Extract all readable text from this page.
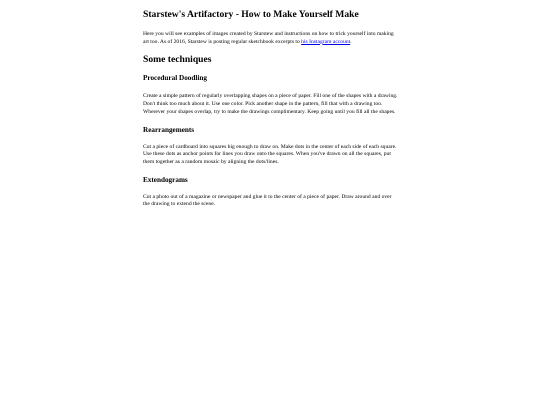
Starstew's Artifactory - How to Make Yourself Make

Here you will see examples of images created by Starstew and instructions on how to trick yourself into making art too. As of 2016, Starstew is posting regular sketchbook excerpts to his Instagram account.

Some techniques
Procedural Doodling

Create a simple pattern of regularly overlapping shapes on a piece of paper. Fill one of the shapes with a drawing. Don't think too much about it. Use one color. Pick another shape in the pattern, fill that with a drawing too. Wherever your shapes overlap, try to make the drawings complimentary. Keep going until you fill all the shapes.

Rearrangements

Cut a piece of cardboard into squares big enough to draw on. Make dots in the center of each side of each square. Use these dots as anchor points for lines you draw onto the squares. When you've drawn on all the squares, put them together as a random mosaic by aligning the dots/lines.

Extendograms

Cut a photo out of a magazine or newspaper and glue it to the center of a piece of paper. Draw around and over the drawing to extend the scene.
